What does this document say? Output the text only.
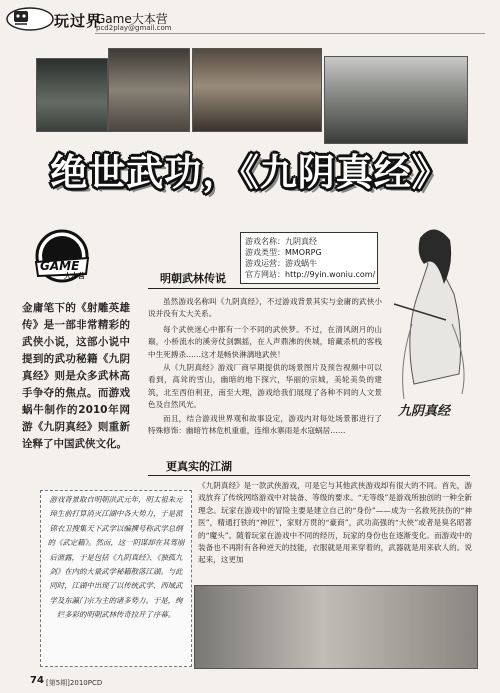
玩过界
Game大本营
pcd2play@gmail.com
绝世武功，《九阴真经》
GAME
大本营
游戏名称：九阴真经
游戏类型：MMORPG
游戏运营：游戏蜗牛
官方网站：http://9yin.woniu.com/
九阴真经
金庸笔下的《射雕英雄传》是一部非常精彩的武侠小说，这部小说中提到的武功秘籍《九阴真经》则是众多武林高手争夺的焦点。而游戏蜗牛制作的2010年网游《九阴真经》则重新诠释了中国武侠文化。
明朝武林传说
虽然游戏名称叫《九阴真经》，不过游戏背景其实与金庸的武侠小说并没有太大关系。
每个武侠迷心中都有一个不同的武侠梦。不过，在清风朗月的山巅，小桥流水的溪旁仗剑飘摇，在人声鼎沸的侠城，暗藏杀机的客栈中生死搏杀……这才是畅快淋漓地武侠！
从《九阴真经》游戏厂商早期提供的场景图片及预告视频中可以看到，高耸的雪山，幽暗的地下探穴，华丽的宗城，美轮美奂的建筑，北至西伯利亚，南至大理，游戏给我们展现了各种不同的人文景色及自然风光。
而且，结合游戏世界观和故事设定，游戏内对每处场景都进行了特殊修饰：幽暗竹林危机重重，连绵水寨雨是水寇蜗居……
更真实的江湖
《九阴真经》是一款武侠游戏，可是它与其他武侠游戏却有很大的不同。首先，游戏放弃了传统网络游戏中对装备、等级的要求。“无等级”是游戏所独创的一种全新理念。玩家在游戏中的冒险主要是建立自己的“身份”——成为一名救死扶伤的“神医”，精通打铁的“神匠”，家财万贯的“豪商”，武功高强的“大侠”或者是臭名昭著的“魔头”。随着玩家在游戏中不同的经历，玩家的身份也在逐渐变化。而游戏中的装备也不再附有各种逆天的技能，衣服就是用来穿着的，武器就是用来砍人的。说起来，这更加
游戏背景取自明朝洪武元年，明太祖朱元璋生前打算消灭江湖中各大势力，于是派锦衣卫搜集天下武学以编撰号称武学总纲的《武定籍》。然而，这一阴谋却在其驾崩后泄露，于是包括《九阴真经》、《独孤九剑》在内的大量武学秘籍散落江湖。与此同时，江湖中出现了以传统武学、西域武学及东瀛门宗为主的诸多势力。于是，绚烂多彩的明朝武林传奇拉开了序幕。
74 [第5期]2010PCD
